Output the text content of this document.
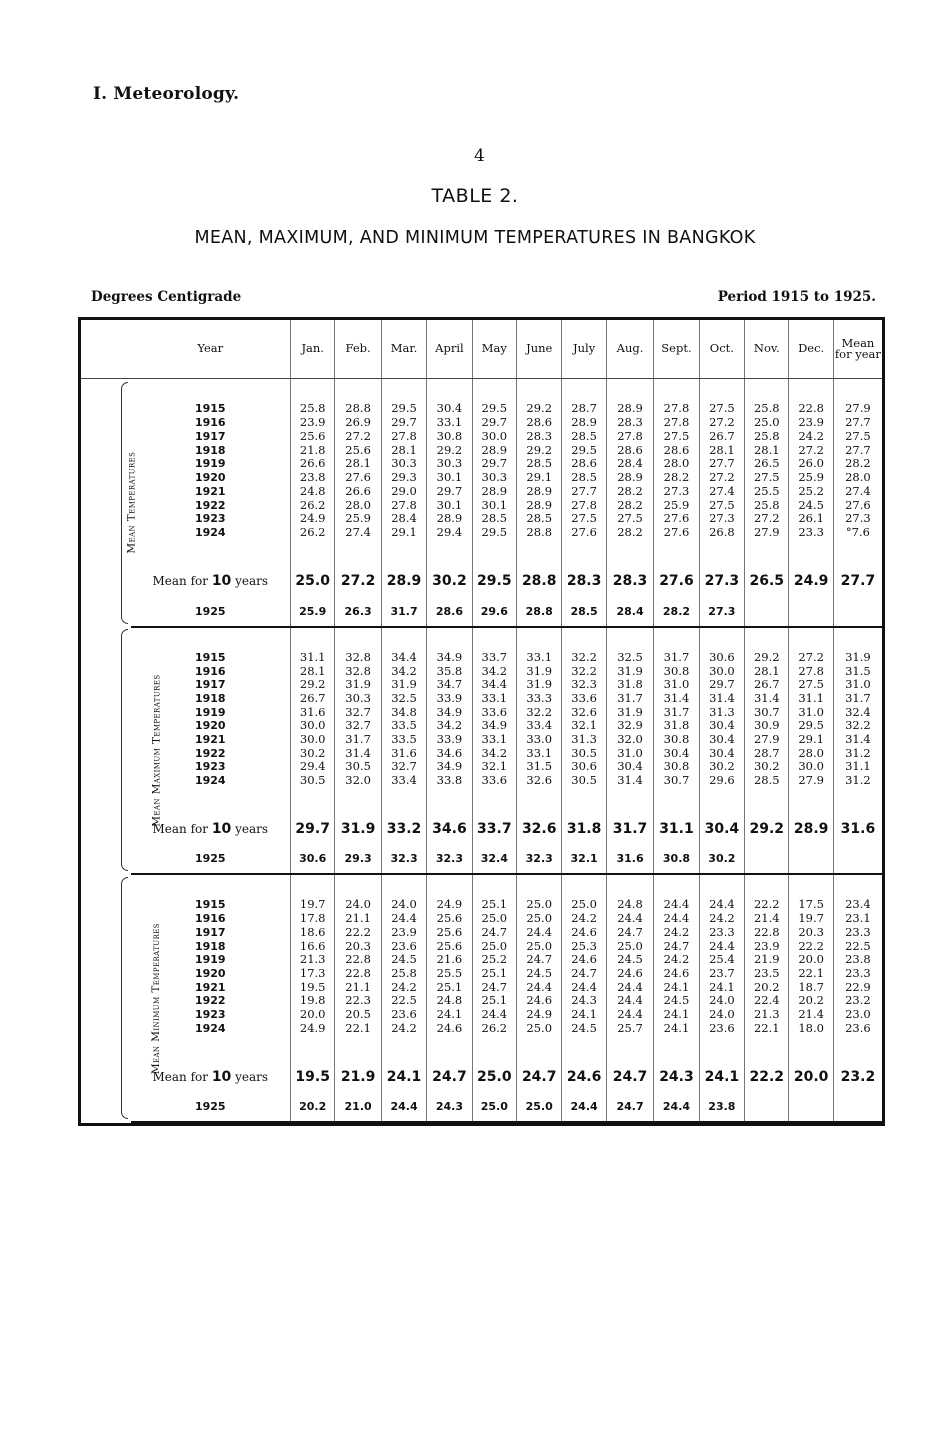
I. Meteorology.
4
TABLE 2.
MEAN, MAXIMUM, AND MINIMUM TEMPERATURES IN BANGKOK
Degrees Centigrade	Period 1915 to 1925.
		Year	Jan.	Feb.	Mar.	April	May	June	July	Aug.	Sept.	Oct.	Nov.	Dec.	Mean for year
Mean Temperatures	

		1915	25.8	28.8	29.5	30.4	29.5	29.2	28.7	28.9	27.8	27.5	25.8	22.8	27.9
		1916	23.9	26.9	29.7	33.1	29.7	28.6	28.9	28.3	27.8	27.2	25.0	23.9	27.7
		1917	25.6	27.2	27.8	30.8	30.0	28.3	28.5	27.8	27.5	26.7	25.8	24.2	27.5
		1918	21.8	25.6	28.1	29.2	28.9	29.2	29.5	28.6	28.6	28.1	28.1	27.2	27.7
		1919	26.6	28.1	30.3	30.3	29.7	28.5	28.6	28.4	28.0	27.7	26.5	26.0	28.2
		1920	23.8	27.6	29.3	30.1	30.3	29.1	28.5	28.9	28.2	27.2	27.5	25.9	28.0
		1921	24.8	26.6	29.0	29.7	28.9	28.9	27.7	28.2	27.3	27.4	25.5	25.2	27.4
		1922	26.2	28.0	27.8	30.1	30.1	28.9	27.8	28.2	25.9	27.5	25.8	24.5	27.6
		1923	24.9	25.9	28.4	28.9	28.5	28.5	27.5	27.5	27.6	27.3	27.2	26.1	27.3
		1924	26.2	27.4	29.1	29.4	29.5	28.8	27.6	28.2	27.6	26.8	27.9	23.3	°7.6

		Mean for 10 years	25.0	27.2	28.9	30.2	29.5	28.8	28.3	28.3	27.6	27.3	26.5	24.9	27.7
		1925	25.9	26.3	31.7	28.6	29.6	28.8	28.5	28.4	28.2	27.3			
Mean Maximum Temperatures	

		1915	31.1	32.8	34.4	34.9	33.7	33.1	32.2	32.5	31.7	30.6	29.2	27.2	31.9
		1916	28.1	32.8	34.2	35.8	34.2	31.9	32.2	31.9	30.8	30.0	28.1	27.8	31.5
		1917	29.2	31.9	31.9	34.7	34.4	31.9	32.3	31.8	31.0	29.7	26.7	27.5	31.0
		1918	26.7	30.3	32.5	33.9	33.1	33.3	33.6	31.7	31.4	31.4	31.4	31.1	31.7
		1919	31.6	32.7	34.8	34.9	33.6	32.2	32.6	31.9	31.7	31.3	30.7	31.0	32.4
		1920	30.0	32.7	33.5	34.2	34.9	33.4	32.1	32.9	31.8	30.4	30.9	29.5	32.2
		1921	30.0	31.7	33.5	33.9	33.1	33.0	31.3	32.0	30.8	30.4	27.9	29.1	31.4
		1922	30.2	31.4	31.6	34.6	34.2	33.1	30.5	31.0	30.4	30.4	28.7	28.0	31.2
		1923	29.4	30.5	32.7	34.9	32.1	31.5	30.6	30.4	30.8	30.2	30.2	30.0	31.1
		1924	30.5	32.0	33.4	33.8	33.6	32.6	30.5	31.4	30.7	29.6	28.5	27.9	31.2

		Mean for 10 years	29.7	31.9	33.2	34.6	33.7	32.6	31.8	31.7	31.1	30.4	29.2	28.9	31.6
		1925	30.6	29.3	32.3	32.3	32.4	32.3	32.1	31.6	30.8	30.2			
Mean Minimum Temperatures	

		1915	19.7	24.0	24.0	24.9	25.1	25.0	25.0	24.8	24.4	24.4	22.2	17.5	23.4
		1916	17.8	21.1	24.4	25.6	25.0	25.0	24.2	24.4	24.4	24.2	21.4	19.7	23.1
		1917	18.6	22.2	23.9	25.6	24.7	24.4	24.6	24.7	24.2	23.3	22.8	20.3	23.3
		1918	16.6	20.3	23.6	25.6	25.0	25.0	25.3	25.0	24.7	24.4	23.9	22.2	22.5
		1919	21.3	22.8	24.5	21.6	25.2	24.7	24.6	24.5	24.2	25.4	21.9	20.0	23.8
		1920	17.3	22.8	25.8	25.5	25.1	24.5	24.7	24.6	24.6	23.7	23.5	22.1	23.3
		1921	19.5	21.1	24.2	25.1	24.7	24.4	24.4	24.4	24.1	24.1	20.2	18.7	22.9
		1922	19.8	22.3	22.5	24.8	25.1	24.6	24.3	24.4	24.5	24.0	22.4	20.2	23.2
		1923	20.0	20.5	23.6	24.1	24.4	24.9	24.1	24.4	24.1	24.0	21.3	21.4	23.0
		1924	24.9	22.1	24.2	24.6	26.2	25.0	24.5	25.7	24.1	23.6	22.1	18.0	23.6

		Mean for 10 years	19.5	21.9	24.1	24.7	25.0	24.7	24.6	24.7	24.3	24.1	22.2	20.0	23.2
		1925	20.2	21.0	24.4	24.3	25.0	25.0	24.4	24.7	24.4	23.8			
